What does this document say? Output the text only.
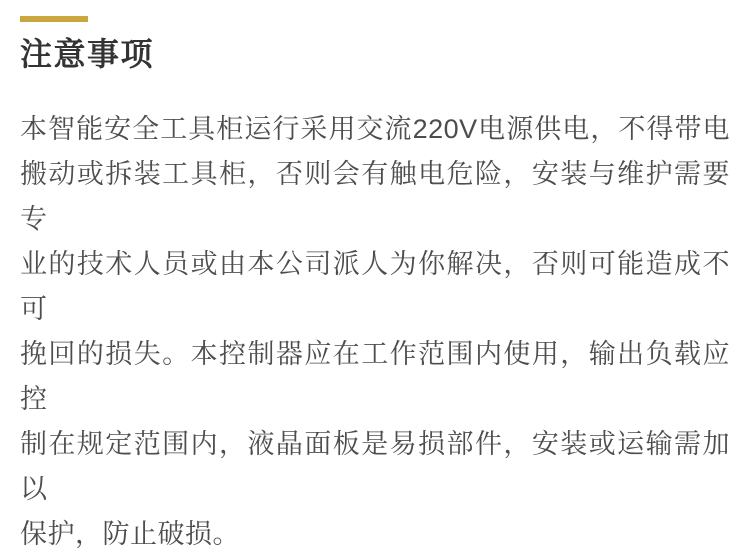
注意事项
本智能安全工具柜运行采用交流220V电源供电，不得带电
搬动或拆装工具柜，否则会有触电危险，安装与维护需要专
业的技术人员或由本公司派人为你解决，否则可能造成不可
挽回的损失。本控制器应在工作范围内使用，输出负载应控
制在规定范围内，液晶面板是易损部件，安装或运输需加以
保护，防止破损。
